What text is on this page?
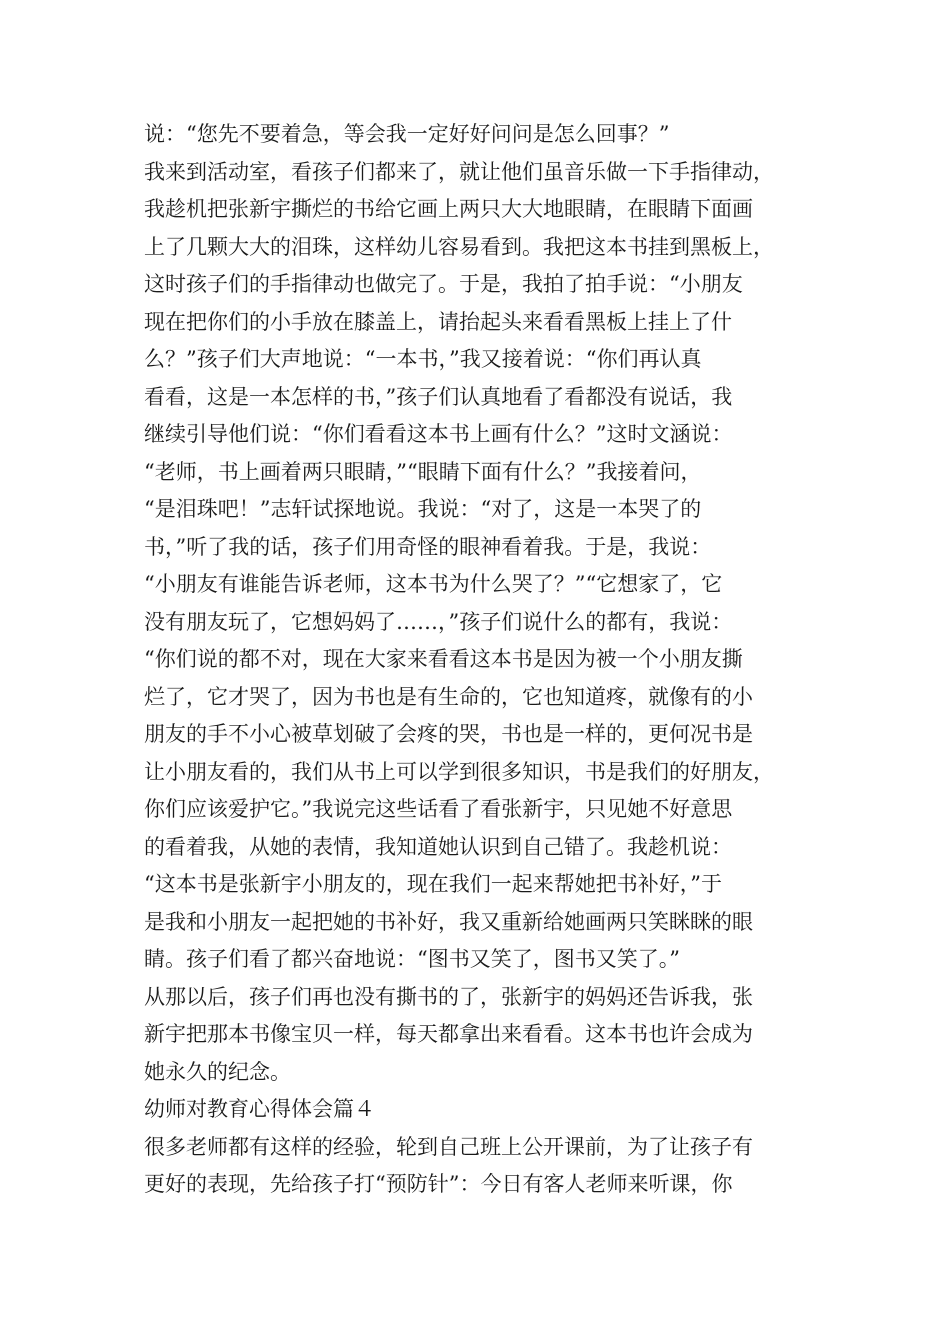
说：“您先不要着急，等会我一定好好问问是怎么回事？”
我来到活动室，看孩子们都来了，就让他们虽音乐做一下手指律动，
我趁机把张新宇撕烂的书给它画上两只大大地眼睛，在眼睛下面画
上了几颗大大的泪珠，这样幼儿容易看到。我把这本书挂到黑板上，
这时孩子们的手指律动也做完了。于是，我拍了拍手说：“小朋友
现在把你们的小手放在膝盖上，请抬起头来看看黑板上挂上了什
么？”孩子们大声地说：“一本书，”我又接着说：“你们再认真
看看，这是一本怎样的书，”孩子们认真地看了看都没有说话，我
继续引导他们说：“你们看看这本书上画有什么？”这时文涵说：
“老师，书上画着两只眼睛，”“眼睛下面有什么？”我接着问，
“是泪珠吧！”志轩试探地说。我说：“对了，这是一本哭了的
书，”听了我的话，孩子们用奇怪的眼神看着我。于是，我说：
“小朋友有谁能告诉老师，这本书为什么哭了？”“它想家了，它
没有朋友玩了，它想妈妈了……，”孩子们说什么的都有，我说：
“你们说的都不对，现在大家来看看这本书是因为被一个小朋友撕
烂了，它才哭了，因为书也是有生命的，它也知道疼，就像有的小
朋友的手不小心被草划破了会疼的哭，书也是一样的，更何况书是
让小朋友看的，我们从书上可以学到很多知识，书是我们的好朋友，
你们应该爱护它。”我说完这些话看了看张新宇，只见她不好意思
的看着我，从她的表情，我知道她认识到自己错了。我趁机说：
“这本书是张新宇小朋友的，现在我们一起来帮她把书补好，”于
是我和小朋友一起把她的书补好，我又重新给她画两只笑眯眯的眼
睛。孩子们看了都兴奋地说：“图书又笑了，图书又笑了。”
从那以后，孩子们再也没有撕书的了，张新宇的妈妈还告诉我，张
新宇把那本书像宝贝一样，每天都拿出来看看。这本书也许会成为
她永久的纪念。
幼师对教育心得体会篇４
很多老师都有这样的经验，轮到自己班上公开课前，为了让孩子有
更好的表现，先给孩子打“预防针”：今日有客人老师来听课，你
